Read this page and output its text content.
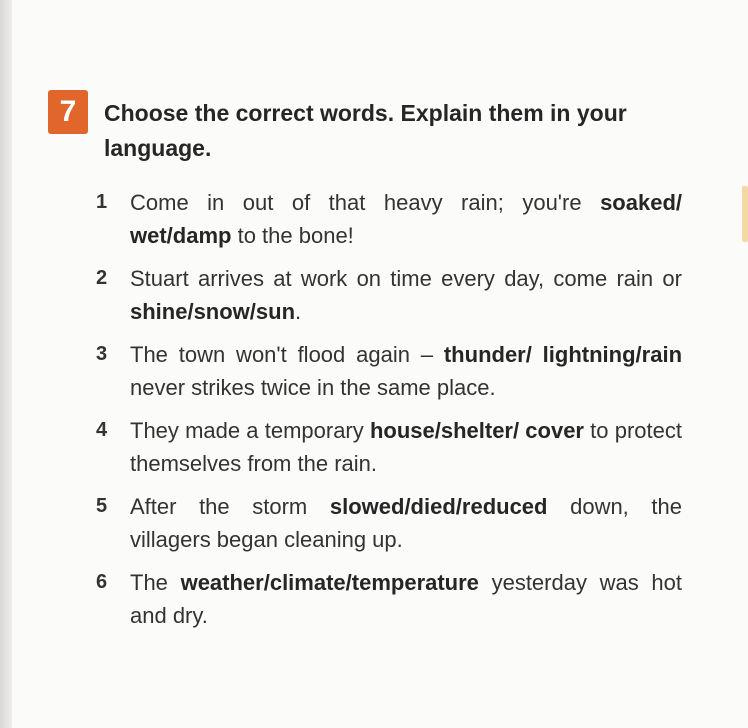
7	Choose the correct words. Explain them in your language.
1 Come in out of that heavy rain; you're soaked/ wet/damp to the bone!
2 Stuart arrives at work on time every day, come rain or shine/snow/sun.
3 The town won't flood again – thunder/ lightning/rain never strikes twice in the same place.
4 They made a temporary house/shelter/ cover to protect themselves from the rain.
5 After the storm slowed/died/reduced down, the villagers began cleaning up.
6 The weather/climate/temperature yesterday was hot and dry.
